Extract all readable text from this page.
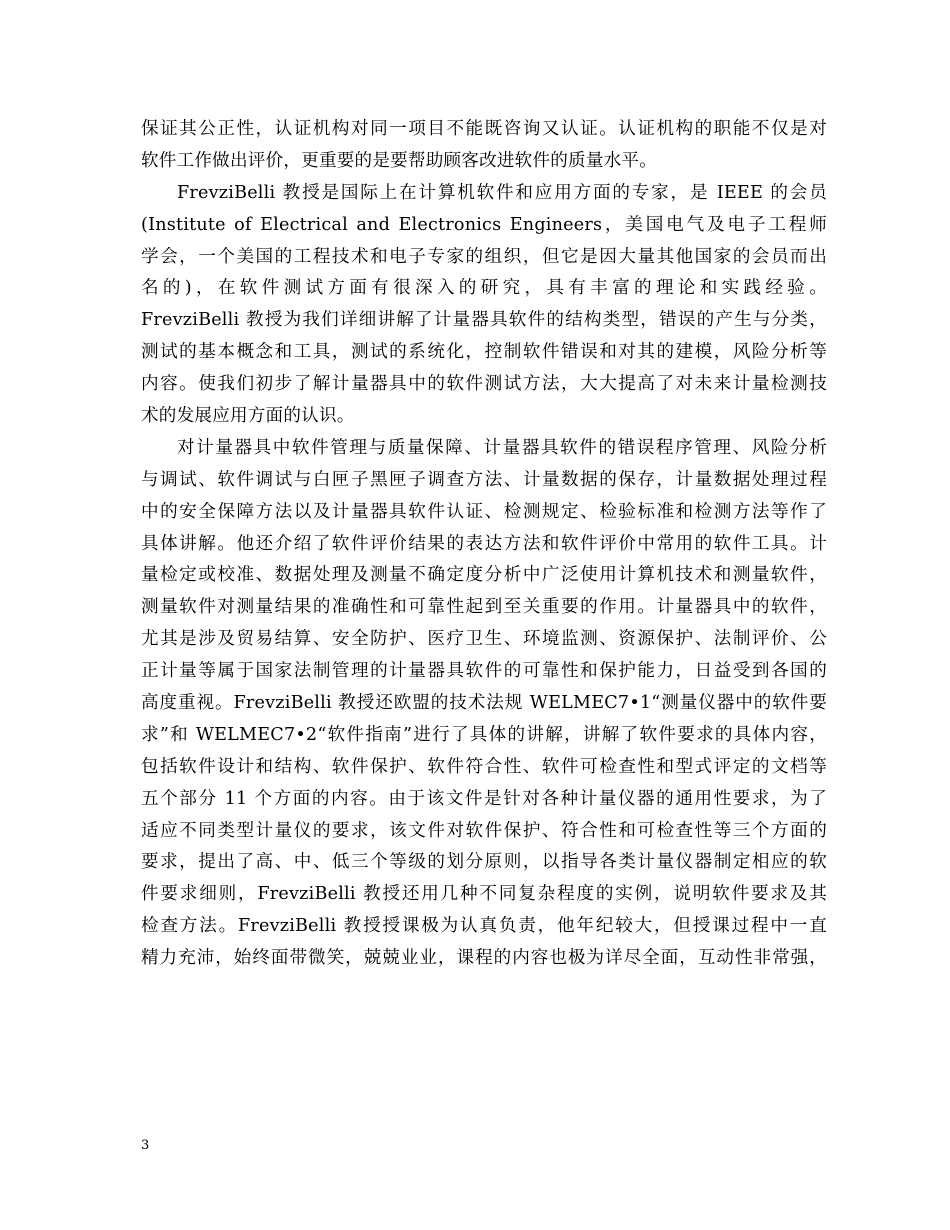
保证其公正性，认证机构对同一项目不能既咨询又认证。认证机构的职能不仅是对
软件工作做出评价，更重要的是要帮助顾客改进软件的质量水平。
FrevziBelli 教授是国际上在计算机软件和应用方面的专家，是 IEEE 的会员
(Institute of Electrical and Electronics Engineers，美国电气及电子工程师
学会，一个美国的工程技术和电子专家的组织，但它是因大量其他国家的会员而出
名的)，在软件测试方面有很深入的研究，具有丰富的理论和实践经验。
FrevziBelli 教授为我们详细讲解了计量器具软件的结构类型，错误的产生与分类，
测试的基本概念和工具，测试的系统化，控制软件错误和对其的建模，风险分析等
内容。使我们初步了解计量器具中的软件测试方法，大大提高了对未来计量检测技
术的发展应用方面的认识。
对计量器具中软件管理与质量保障、计量器具软件的错误程序管理、风险分析
与调试、软件调试与白匣子黑匣子调查方法、计量数据的保存，计量数据处理过程
中的安全保障方法以及计量器具软件认证、检测规定、检验标准和检测方法等作了
具体讲解。他还介绍了软件评价结果的表达方法和软件评价中常用的软件工具。计
量检定或校准、数据处理及测量不确定度分析中广泛使用计算机技术和测量软件，
测量软件对测量结果的准确性和可靠性起到至关重要的作用。计量器具中的软件，
尤其是涉及贸易结算、安全防护、医疗卫生、环境监测、资源保护、法制评价、公
正计量等属于国家法制管理的计量器具软件的可靠性和保护能力，日益受到各国的
高度重视。FrevziBelli 教授还欧盟的技术法规 WELMEC7•1“测量仪器中的软件要
求”和 WELMEC7•2“软件指南”进行了具体的讲解，讲解了软件要求的具体内容，
包括软件设计和结构、软件保护、软件符合性、软件可检查性和型式评定的文档等
五个部分 11 个方面的内容。由于该文件是针对各种计量仪器的通用性要求，为了
适应不同类型计量仪的要求，该文件对软件保护、符合性和可检查性等三个方面的
要求，提出了高、中、低三个等级的划分原则，以指导各类计量仪器制定相应的软
件要求细则，FrevziBelli 教授还用几种不同复杂程度的实例，说明软件要求及其
检查方法。FrevziBelli 教授授课极为认真负责，他年纪较大，但授课过程中一直
精力充沛，始终面带微笑，兢兢业业，课程的内容也极为详尽全面，互动性非常强，
3
